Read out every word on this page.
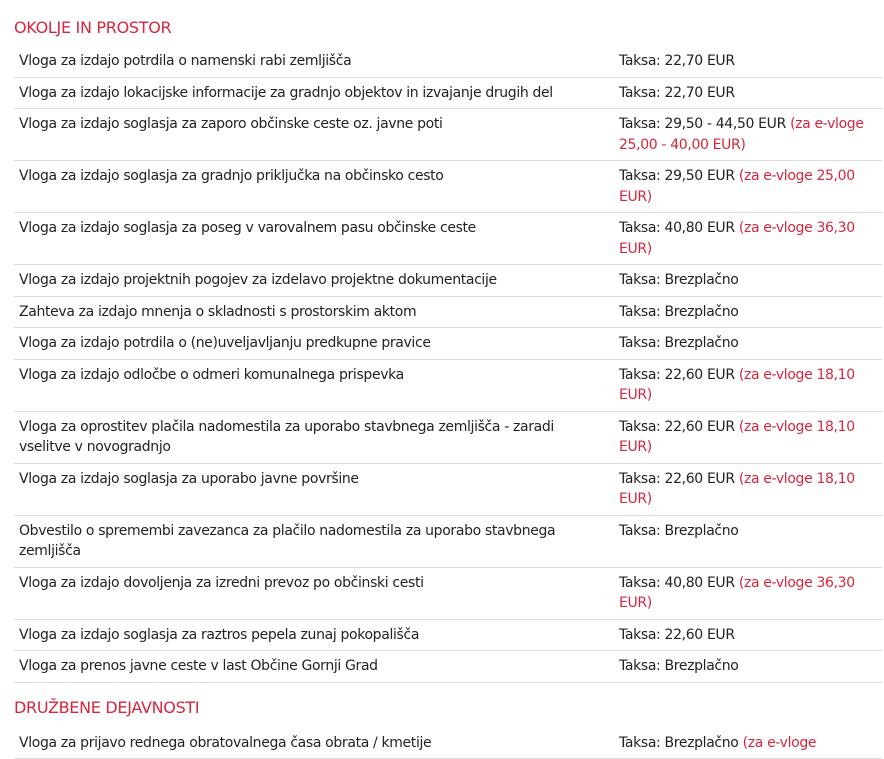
OKOLJE IN PROSTOR
Vloga za izdajo potrdila o namenski rabi zemljišča	Taksa: 22,70 EUR
Vloga za izdajo lokacijske informacije za gradnjo objektov in izvajanje drugih del	Taksa: 22,70 EUR
Vloga za izdajo soglasja za zaporo občinske ceste oz. javne poti	Taksa: 29,50 - 44,50 EUR (za e-vloge 25,00 - 40,00 EUR)
Vloga za izdajo soglasja za gradnjo priključka na občinsko cesto	Taksa: 29,50 EUR (za e-vloge 25,00 EUR)
Vloga za izdajo soglasja za poseg v varovalnem pasu občinske ceste	Taksa: 40,80 EUR (za e-vloge 36,30 EUR)
Vloga za izdajo projektnih pogojev za izdelavo projektne dokumentacije	Taksa: Brezplačno
Zahteva za izdajo mnenja o skladnosti s prostorskim aktom	Taksa: Brezplačno
Vloga za izdajo potrdila o (ne)uveljavljanju predkupne pravice	Taksa: Brezplačno
Vloga za izdajo odločbe o odmeri komunalnega prispevka	Taksa: 22,60 EUR (za e-vloge 18,10 EUR)
Vloga za oprostitev plačila nadomestila za uporabo stavbnega zemljišča - zaradi vselitve v novogradnjo	Taksa: 22,60 EUR (za e-vloge 18,10 EUR)
Vloga za izdajo soglasja za uporabo javne površine	Taksa: 22,60 EUR (za e-vloge 18,10 EUR)
Obvestilo o spremembi zavezanca za plačilo nadomestila za uporabo stavbnega zemljišča	Taksa: Brezplačno
Vloga za izdajo dovoljenja za izredni prevoz po občinski cesti	Taksa: 40,80 EUR (za e-vloge 36,30 EUR)
Vloga za izdajo soglasja za raztros pepela zunaj pokopališča	Taksa: 22,60 EUR
Vloga za prenos javne ceste v last Občine Gornji Grad	Taksa: Brezplačno
DRUŽBENE DEJAVNOSTI
Vloga za prijavo rednega obratovalnega časa obrata / kmetije	Taksa: Brezplačno (za e-vloge
